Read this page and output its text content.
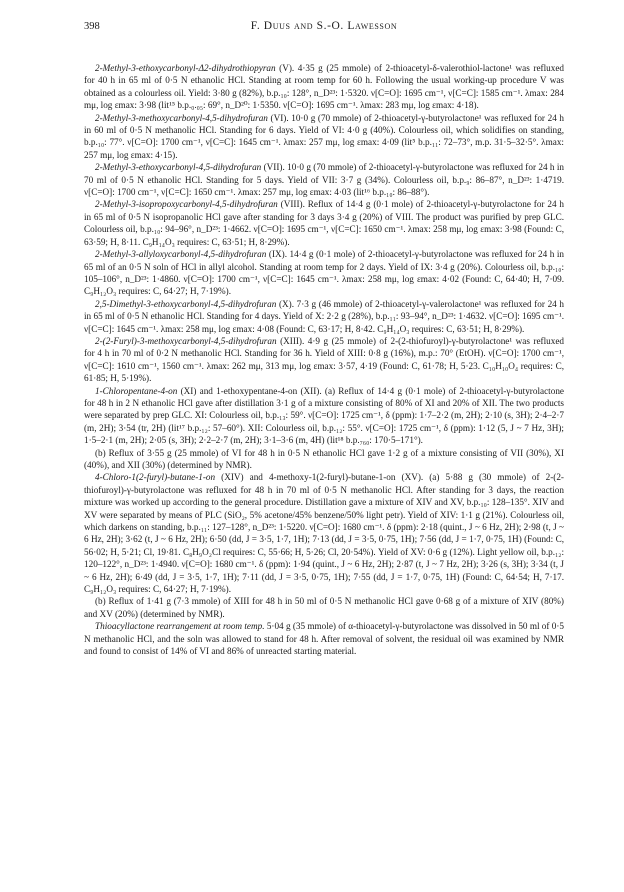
398	F. Duus and S.-O. Lawesson

2-Methyl-3-ethoxycarbonyl-Δ2-dihydrothiopyran (V). 4·35 g (25 mmole) of 2-thioacetyl-δ-valerothiol-lactone¹ was refluxed for 40 h in 65 ml of 0·5 N ethanolic HCl. Standing at room temp for 60 h. Following the usual working-up procedure V was obtained as a colourless oil. Yield: 3·80 g (82%), b.p.₁₀: 128°, n_D²³: 1·5320. ν[C=O]: 1695 cm⁻¹, ν[C=C]: 1585 cm⁻¹. λmax: 284 mμ, log εmax: 3·98 (lit¹⁵ b.p.₀.₀₅: 69°, n_D²⁰: 1·5350. ν[C=O]: 1695 cm⁻¹. λmax: 283 mμ, log εmax: 4·18).

2-Methyl-3-methoxycarbonyl-4,5-dihydrofuran (VI). 10·0 g (70 mmole) of 2-thioacetyl-γ-butyrolactone¹ was refluxed for 24 h in 60 ml of 0·5 N methanolic HCl. Standing for 6 days. Yield of VI: 4·0 g (40%). Colourless oil, which solidifies on standing, b.p.₁₀: 77°. ν[C=O]: 1700 cm⁻¹, ν[C=C]: 1645 cm⁻¹. λmax: 257 mμ, log εmax: 4·09 (lit⁵ b.p.₁₁: 72–73°, m.p. 31·5–32·5°. λmax: 257 mμ, log εmax: 4·15).

2-Methyl-3-ethoxycarbonyl-4,5-dihydrofuran (VII). 10·0 g (70 mmole) of 2-thioacetyl-γ-butyrolactone was refluxed for 24 h in 70 ml of 0·5 N ethanolic HCl. Standing for 5 days. Yield of VII: 3·7 g (34%). Colourless oil, b.p.₉: 86–87°, n_D²³: 1·4719. ν[C=O]: 1700 cm⁻¹, ν[C=C]: 1650 cm⁻¹. λmax: 257 mμ, log εmax: 4·03 (lit¹⁶ b.p.₁₀: 86–88°).

2-Methyl-3-isopropoxycarbonyl-4,5-dihydrofuran (VIII). Reflux of 14·4 g (0·1 mole) of 2-thioacetyl-γ-butyrolactone for 24 h in 65 ml of 0·5 N isopropanolic HCl gave after standing for 3 days 3·4 g (20%) of VIII. The product was purified by prep GLC. Colourless oil, b.p.₁₀: 94–96°, n_D²³: 1·4662. ν[C=O]: 1695 cm⁻¹, ν[C=C]: 1650 cm⁻¹. λmax: 258 mμ, log εmax: 3·98 (Found: C, 63·59; H, 8·11. C₉H₁₄O₃ requires: C, 63·51; H, 8·29%).

2-Methyl-3-allyloxycarbonyl-4,5-dihydrofuran (IX). 14·4 g (0·1 mole) of 2-thioacetyl-γ-butyrolactone was refluxed for 24 h in 65 ml of an 0·5 N soln of HCl in allyl alcohol. Standing at room temp for 2 days. Yield of IX: 3·4 g (20%). Colourless oil, b.p.₁₀: 105–106°, n_D²³: 1·4860. ν[C=O]: 1700 cm⁻¹, ν[C=C]: 1645 cm⁻¹. λmax: 258 mμ, log εmax: 4·02 (Found: C, 64·40; H, 7·09. C₉H₁₂O₃ requires: C, 64·27; H, 7·19%).

2,5-Dimethyl-3-ethoxycarbonyl-4,5-dihydrofuran (X). 7·3 g (46 mmole) of 2-thioacetyl-γ-valerolactone¹ was refluxed for 24 h in 65 ml of 0·5 N ethanolic HCl. Standing for 4 days. Yield of X: 2·2 g (28%), b.p.₁₁: 93–94°, n_D²³: 1·4632. ν[C=O]: 1695 cm⁻¹. ν[C=C]: 1645 cm⁻¹. λmax: 258 mμ, log εmax: 4·08 (Found: C, 63·17; H, 8·42. C₉H₁₄O₃ requires: C, 63·51; H, 8·29%).

2-(2-Furyl)-3-methoxycarbonyl-4,5-dihydrofuran (XIII). 4·9 g (25 mmole) of 2-(2-thiofuroyl)-γ-butyrolactone¹ was refluxed for 4 h in 70 ml of 0·2 N methanolic HCl. Standing for 36 h. Yield of XIII: 0·8 g (16%), m.p.: 70° (EtOH). ν[C=O]: 1700 cm⁻¹, ν[C=C]: 1610 cm⁻¹, 1560 cm⁻¹. λmax: 262 mμ, 313 mμ, log εmax: 3·57, 4·19 (Found: C, 61·78; H, 5·23. C₁₀H₁₀O₄ requires: C, 61·85; H, 5·19%).

1-Chloropentane-4-on (XI) and 1-ethoxypentane-4-on (XII). (a) Reflux of 14·4 g (0·1 mole) of 2-thioacetyl-γ-butyrolactone for 48 h in 2 N ethanolic HCl gave after distillation 3·1 g of a mixture consisting of 80% of XI and 20% of XII. The two products were separated by prep GLC. XI: Colourless oil, b.p.₁₃: 59°. ν[C=O]: 1725 cm⁻¹, δ (ppm): 1·7–2·2 (m, 2H); 2·10 (s, 3H); 2·4–2·7 (m, 2H); 3·54 (tr, 2H) (lit¹⁷ b.p.₁₂: 57–60°). XII: Colourless oil, b.p.₁₂: 55°. ν[C=O]: 1725 cm⁻¹, δ (ppm): 1·12 (5, J ~ 7 Hz, 3H); 1·5–2·1 (m, 2H); 2·05 (s, 3H); 2·2–2·7 (m, 2H); 3·1–3·6 (m, 4H) (lit¹⁸ b.p.₇₆₀: 170·5–171°).

(b) Reflux of 3·55 g (25 mmole) of VI for 48 h in 0·5 N ethanolic HCl gave 1·2 g of a mixture consisting of VII (30%), XI (40%), and XII (30%) (determined by NMR).

4-Chloro-1(2-furyl)-butane-1-on (XIV) and 4-methoxy-1(2-furyl)-butane-1-on (XV). (a) 5·88 g (30 mmole) of 2-(2-thiofuroyl)-γ-butyrolactone was refluxed for 48 h in 70 ml of 0·5 N methanolic HCl. After standing for 3 days, the reaction mixture was worked up according to the general procedure. Distillation gave a mixture of XIV and XV, b.p.₁₀: 128–135°. XIV and XV were separated by means of PLC (SiO₂, 5% acetone/45% benzene/50% light petr). Yield of XIV: 1·1 g (21%). Colourless oil, which darkens on standing, b.p.₁₁: 127–128°, n_D²³: 1·5220. ν[C=O]: 1680 cm⁻¹. δ (ppm): 2·18 (quint., J ~ 6 Hz, 2H); 2·98 (t, J ~ 6 Hz, 2H); 3·62 (t, J ~ 6 Hz, 2H); 6·50 (dd, J = 3·5, 1·7, 1H); 7·13 (dd, J = 3·5, 0·75, 1H); 7·56 (dd, J = 1·7, 0·75, 1H) (Found: C, 56·02; H, 5·21; Cl, 19·81. C₈H₉O₂Cl requires: C, 55·66; H, 5·26; Cl, 20·54%). Yield of XV: 0·6 g (12%). Light yellow oil, b.p.₁₂: 120–122°, n_D²³: 1·4940. ν[C=O]: 1680 cm⁻¹. δ (ppm): 1·94 (quint., J ~ 6 Hz, 2H); 2·87 (t, J ~ 7 Hz, 2H); 3·26 (s, 3H); 3·34 (t, J ~ 6 Hz, 2H); 6·49 (dd, J = 3·5, 1·7, 1H); 7·11 (dd, J = 3·5, 0·75, 1H); 7·55 (dd, J = 1·7, 0·75, 1H) (Found: C, 64·54; H, 7·17. C₉H₁₂O₃ requires: C, 64·27; H, 7·19%).

(b) Reflux of 1·41 g (7·3 mmole) of XIII for 48 h in 50 ml of 0·5 N methanolic HCl gave 0·68 g of a mixture of XIV (80%) and XV (20%) (determined by NMR).

Thioacyllactone rearrangement at room temp. 5·04 g (35 mmole) of α-thioacetyl-γ-butyrolactone was dissolved in 50 ml of 0·5 N methanolic HCl, and the soln was allowed to stand for 48 h. After removal of solvent, the residual oil was examined by NMR and found to consist of 14% of VI and 86% of unreacted starting material.
